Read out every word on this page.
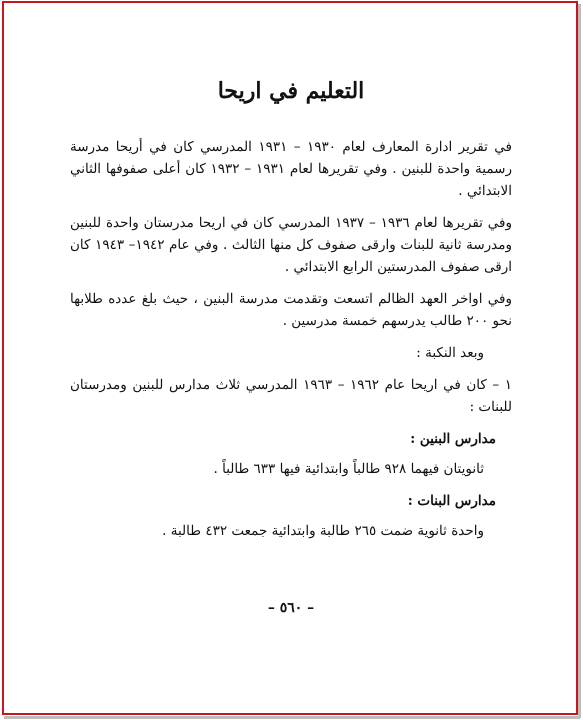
التعليم في اريحا

في تقرير ادارة المعارف لعام ١٩٣٠ – ١٩٣١ المدرسي كان في أريحا مدرسة رسمية واحدة للبنين . وفي تقريرها لعام ١٩٣١ – ١٩٣٢ كان أعلى صفوفها الثاني الابتدائي .

وفي تقريرها لعام ١٩٣٦ – ١٩٣٧ المدرسي كان في اريحا مدرستان واحدة للبنين ومدرسة ثانية للبنات وارقى صفوف كل منها الثالث . وفي عام ١٩٤٢– ١٩٤٣ كان ارقى صفوف المدرستين الرابع الابتدائي .

وفي اواخر العهد الظالم اتسعت وتقدمت مدرسة البنين ، حيث بلغ عدده طلابها نحو ٢٠٠ طالب يدرسهم خمسة مدرسين .

وبعد النكبة :

١ – كان في اريحا عام ١٩٦٢ – ١٩٦٣ المدرسي ثلاث مدارس للبنين ومدرستان للبنات :

مدارس البنين :

ثانويتان فيهما ٩٢٨ طالباً وابتدائية فيها ٦٣٣ طالباً .

مدارس البنات :

واحدة ثانوية ضمت ٢٦٥ طالبة وابتدائية جمعت ٤٣٢ طالبة .

– ٥٦٠ –
